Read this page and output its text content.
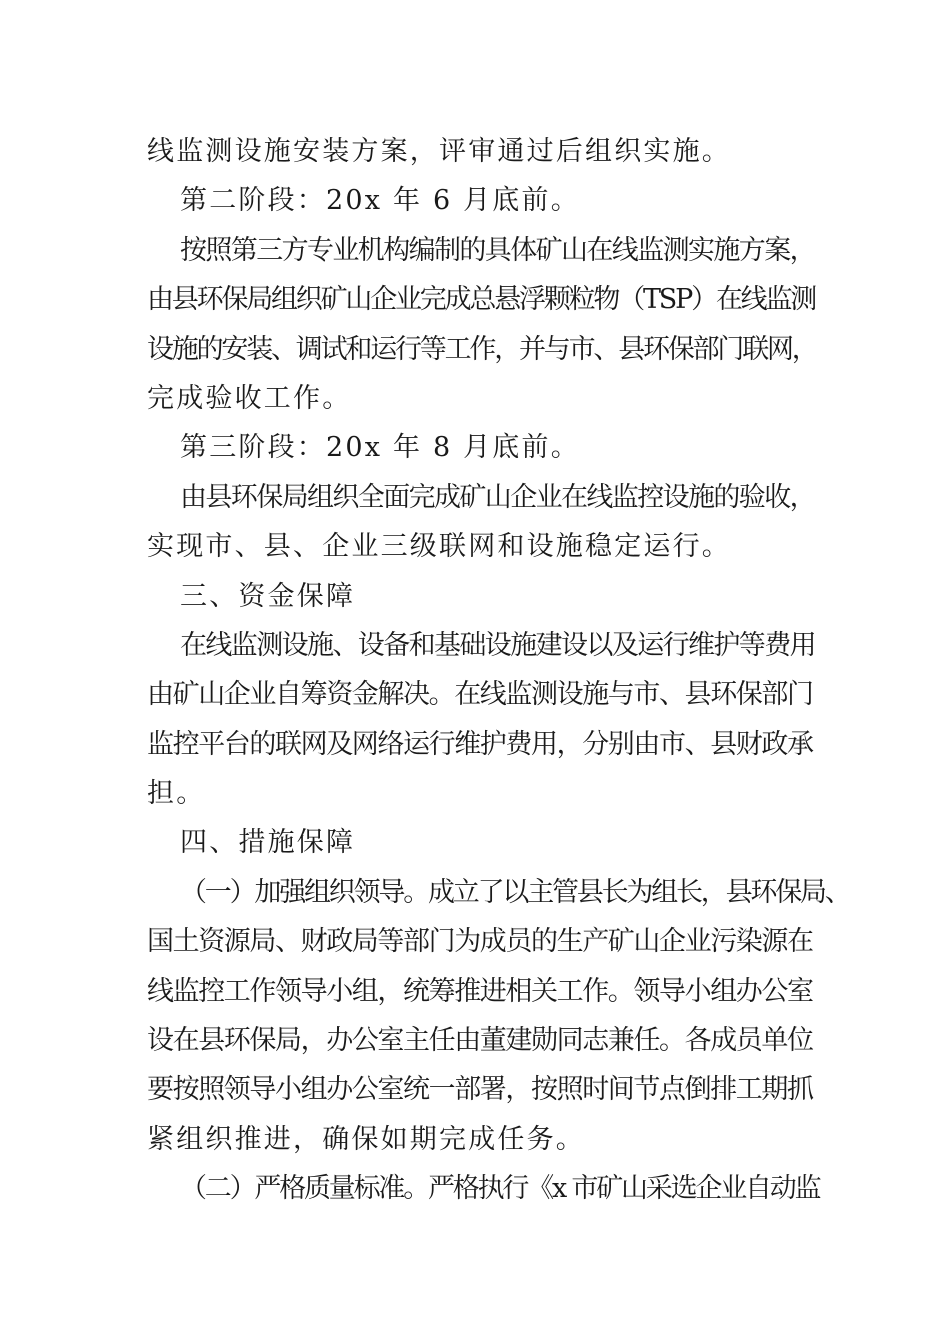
线监测设施安装方案，评审通过后组织实施。
第二阶段：20x 年 6 月底前。
按照第三方专业机构编制的具体矿山在线监测实施方案，
由县环保局组织矿山企业完成总悬浮颗粒物（TSP）在线监测
设施的安装、调试和运行等工作，并与市、县环保部门联网，
完成验收工作。
第三阶段：20x 年 8 月底前。
由县环保局组织全面完成矿山企业在线监控设施的验收，
实现市、县、企业三级联网和设施稳定运行。
三、资金保障
在线监测设施、设备和基础设施建设以及运行维护等费用
由矿山企业自筹资金解决。在线监测设施与市、县环保部门
监控平台的联网及网络运行维护费用，分别由市、县财政承
担。
四、措施保障
（一）加强组织领导。成立了以主管县长为组长，县环保局、
国土资源局、财政局等部门为成员的生产矿山企业污染源在
线监控工作领导小组，统筹推进相关工作。领导小组办公室
设在县环保局，办公室主任由董建勋同志兼任。各成员单位
要按照领导小组办公室统一部署，按照时间节点倒排工期抓
紧组织推进，确保如期完成任务。
（二）严格质量标准。严格执行《x 市矿山采选企业自动监
